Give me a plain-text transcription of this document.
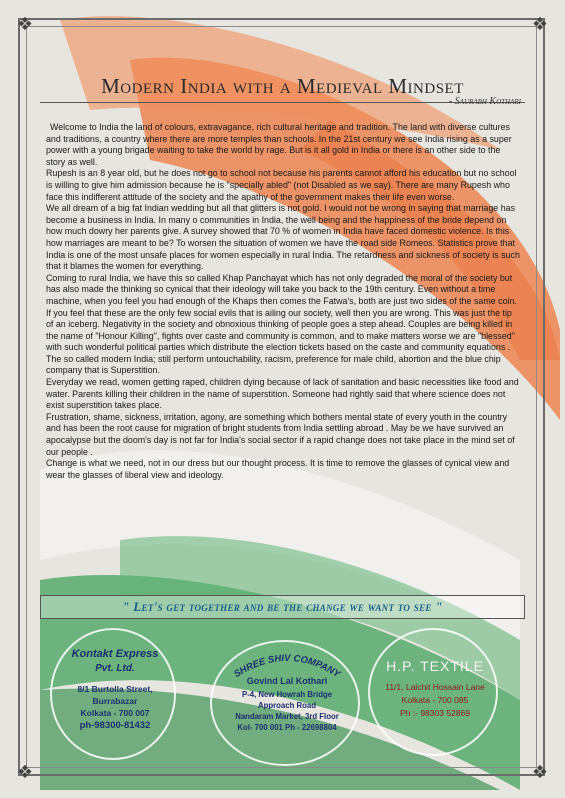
❖	❖
❖	❖
Modern India with a Medieval Mindset
- Saurabh Kothari

Welcome to India the land of colours, extravagance, rich cultural heritage and tradition. The land with diverse cultures and traditions, a country where there are more temples than schools. In the 21st century we see India rising as a super power with a young brigade waiting to take the world by rage. But is it all gold in India or there is an other side to the story as well.

Rupesh is an 8 year old, but he does not go to school not because his parents cannot afford his education but no school is willing to give him admission because he is "specially abled" (not Disabled as we say). There are many Rupesh who face this indifferent attitude of the society and the apathy of the government makes their life even worse.

We all dream of a big fat Indian wedding but all that glitters is not gold. I would not be wrong in saying that marriage has become a business in India. In many o communities in India, the well being and the happiness of the bride depend on how much dowry her parents give. A survey showed that 70 % of women in India have faced domestic violence. Is this how marriages are meant to be? To worsen the situation of women we have the road side Romeos. Statistics prove that India is one of the most unsafe places for women especially in rural India. The retardness and sickness of society is such that it blames the women for everything.

Coming to rural India, we have this so called Khap Panchayat which has not only degraded the moral of the society but has also made the thinking so cynical that their ideology will take you back to the 19th century. Even without a time machine, when you feel you had enough of the Khaps then comes the Fatwa's, both are just two sides of the same coin.

If you feel that these are the only few social evils that is ailing our society, well then you are wrong. This was just the tip of an iceberg. Negativity in the society and obnoxious thinking of people goes a step ahead. Couples are being killed in the name of "Honour Killing", fights over caste and community is common, and to make matters worse we are "blessed" with such wonderful political parties which distribute the election tickets based on the caste and community equations . The so called modern India; still perform untouchability, racism, preference for male child, abortion and the blue chip company that is Superstition.

Everyday we read, women getting raped, children dying because of lack of sanitation and basic necessities like food and water. Parents killing their children in the name of superstition. Someone had rightly said that where science does not exist superstition takes place.

Frustration, shame, sickness, irritation, agony, are something which bothers mental state of every youth in the country and has been the root cause for migration of bright students from India settling abroad . May be we have survived an apocalypse but the doom's day is not far for India's social sector if a rapid change does not take place in the mind set of our people .

Change is what we need, not in our dress but our thought process. It is time to remove the glasses of cynical view and wear the glasses of liberal view and ideology.

" Let's get together and be the change we want to see "
Kontakt Express
Pvt. Ltd.
8/1 Burtolla Street,
Burrabazar
Kolkata - 700 007
ph-98300-81432
SHREE SHIV COMPANY
Govind Lal Kothari
P-4, New Howrah Bridge
Approach Road
Nandaram Market, 3rd Floor
Kol- 700 001 Ph - 22698804
H.P. TEXTILE
11/1, Lalchit Hossain Lane
Kolkata - 700 085
Ph :- 98303 52869
